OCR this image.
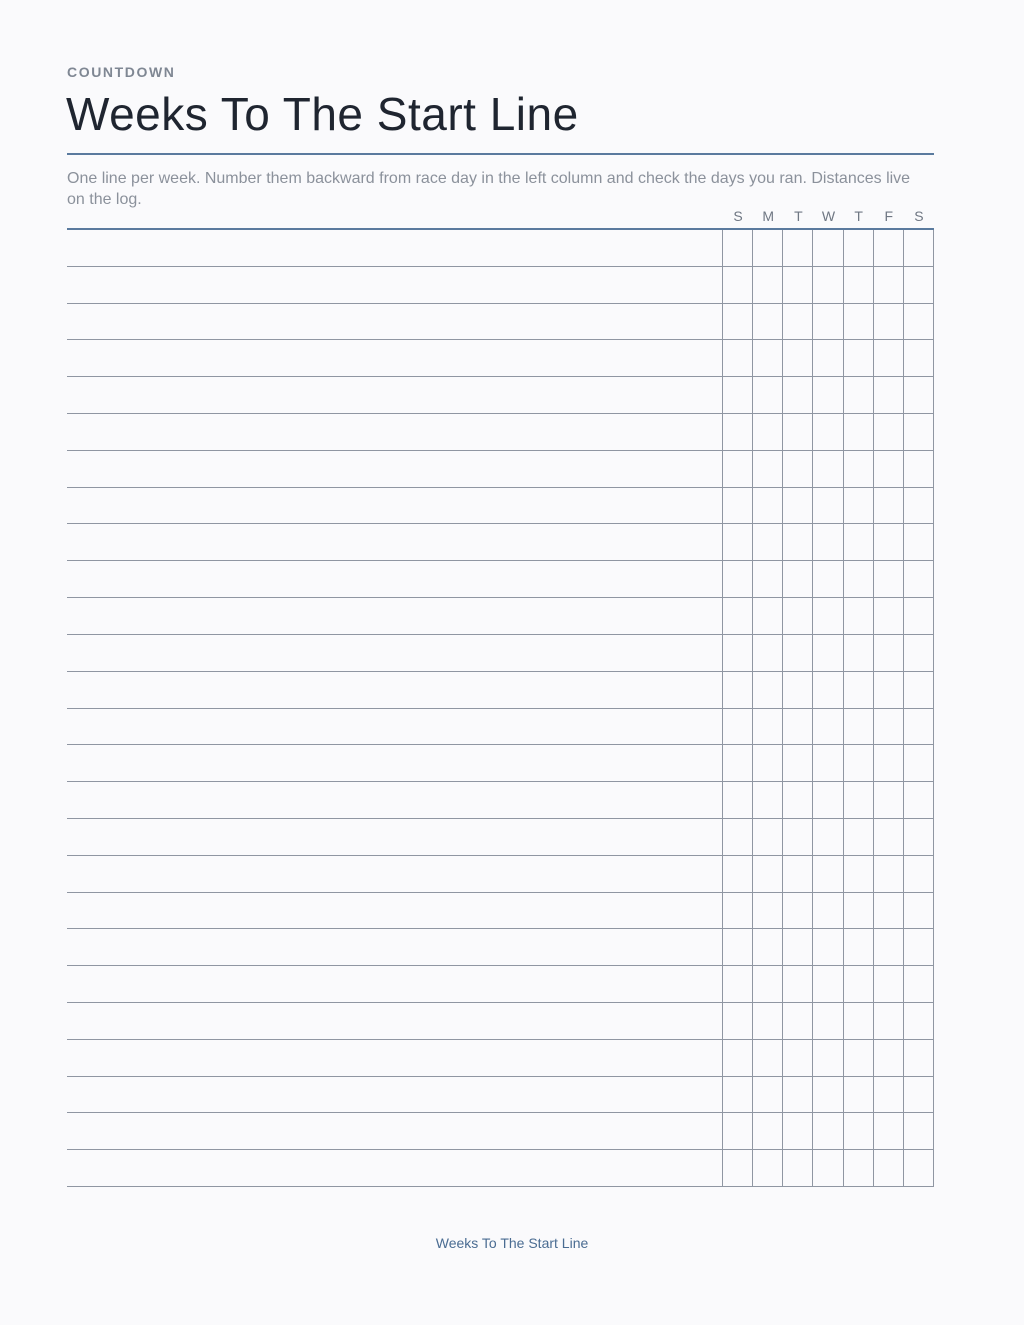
COUNTDOWN
Weeks To The Start Line
One line per week. Number them backward from race day in the left column and check the days you ran. Distances live on the log.
S	M	T	W	T	F	S
Weeks To The Start Line
